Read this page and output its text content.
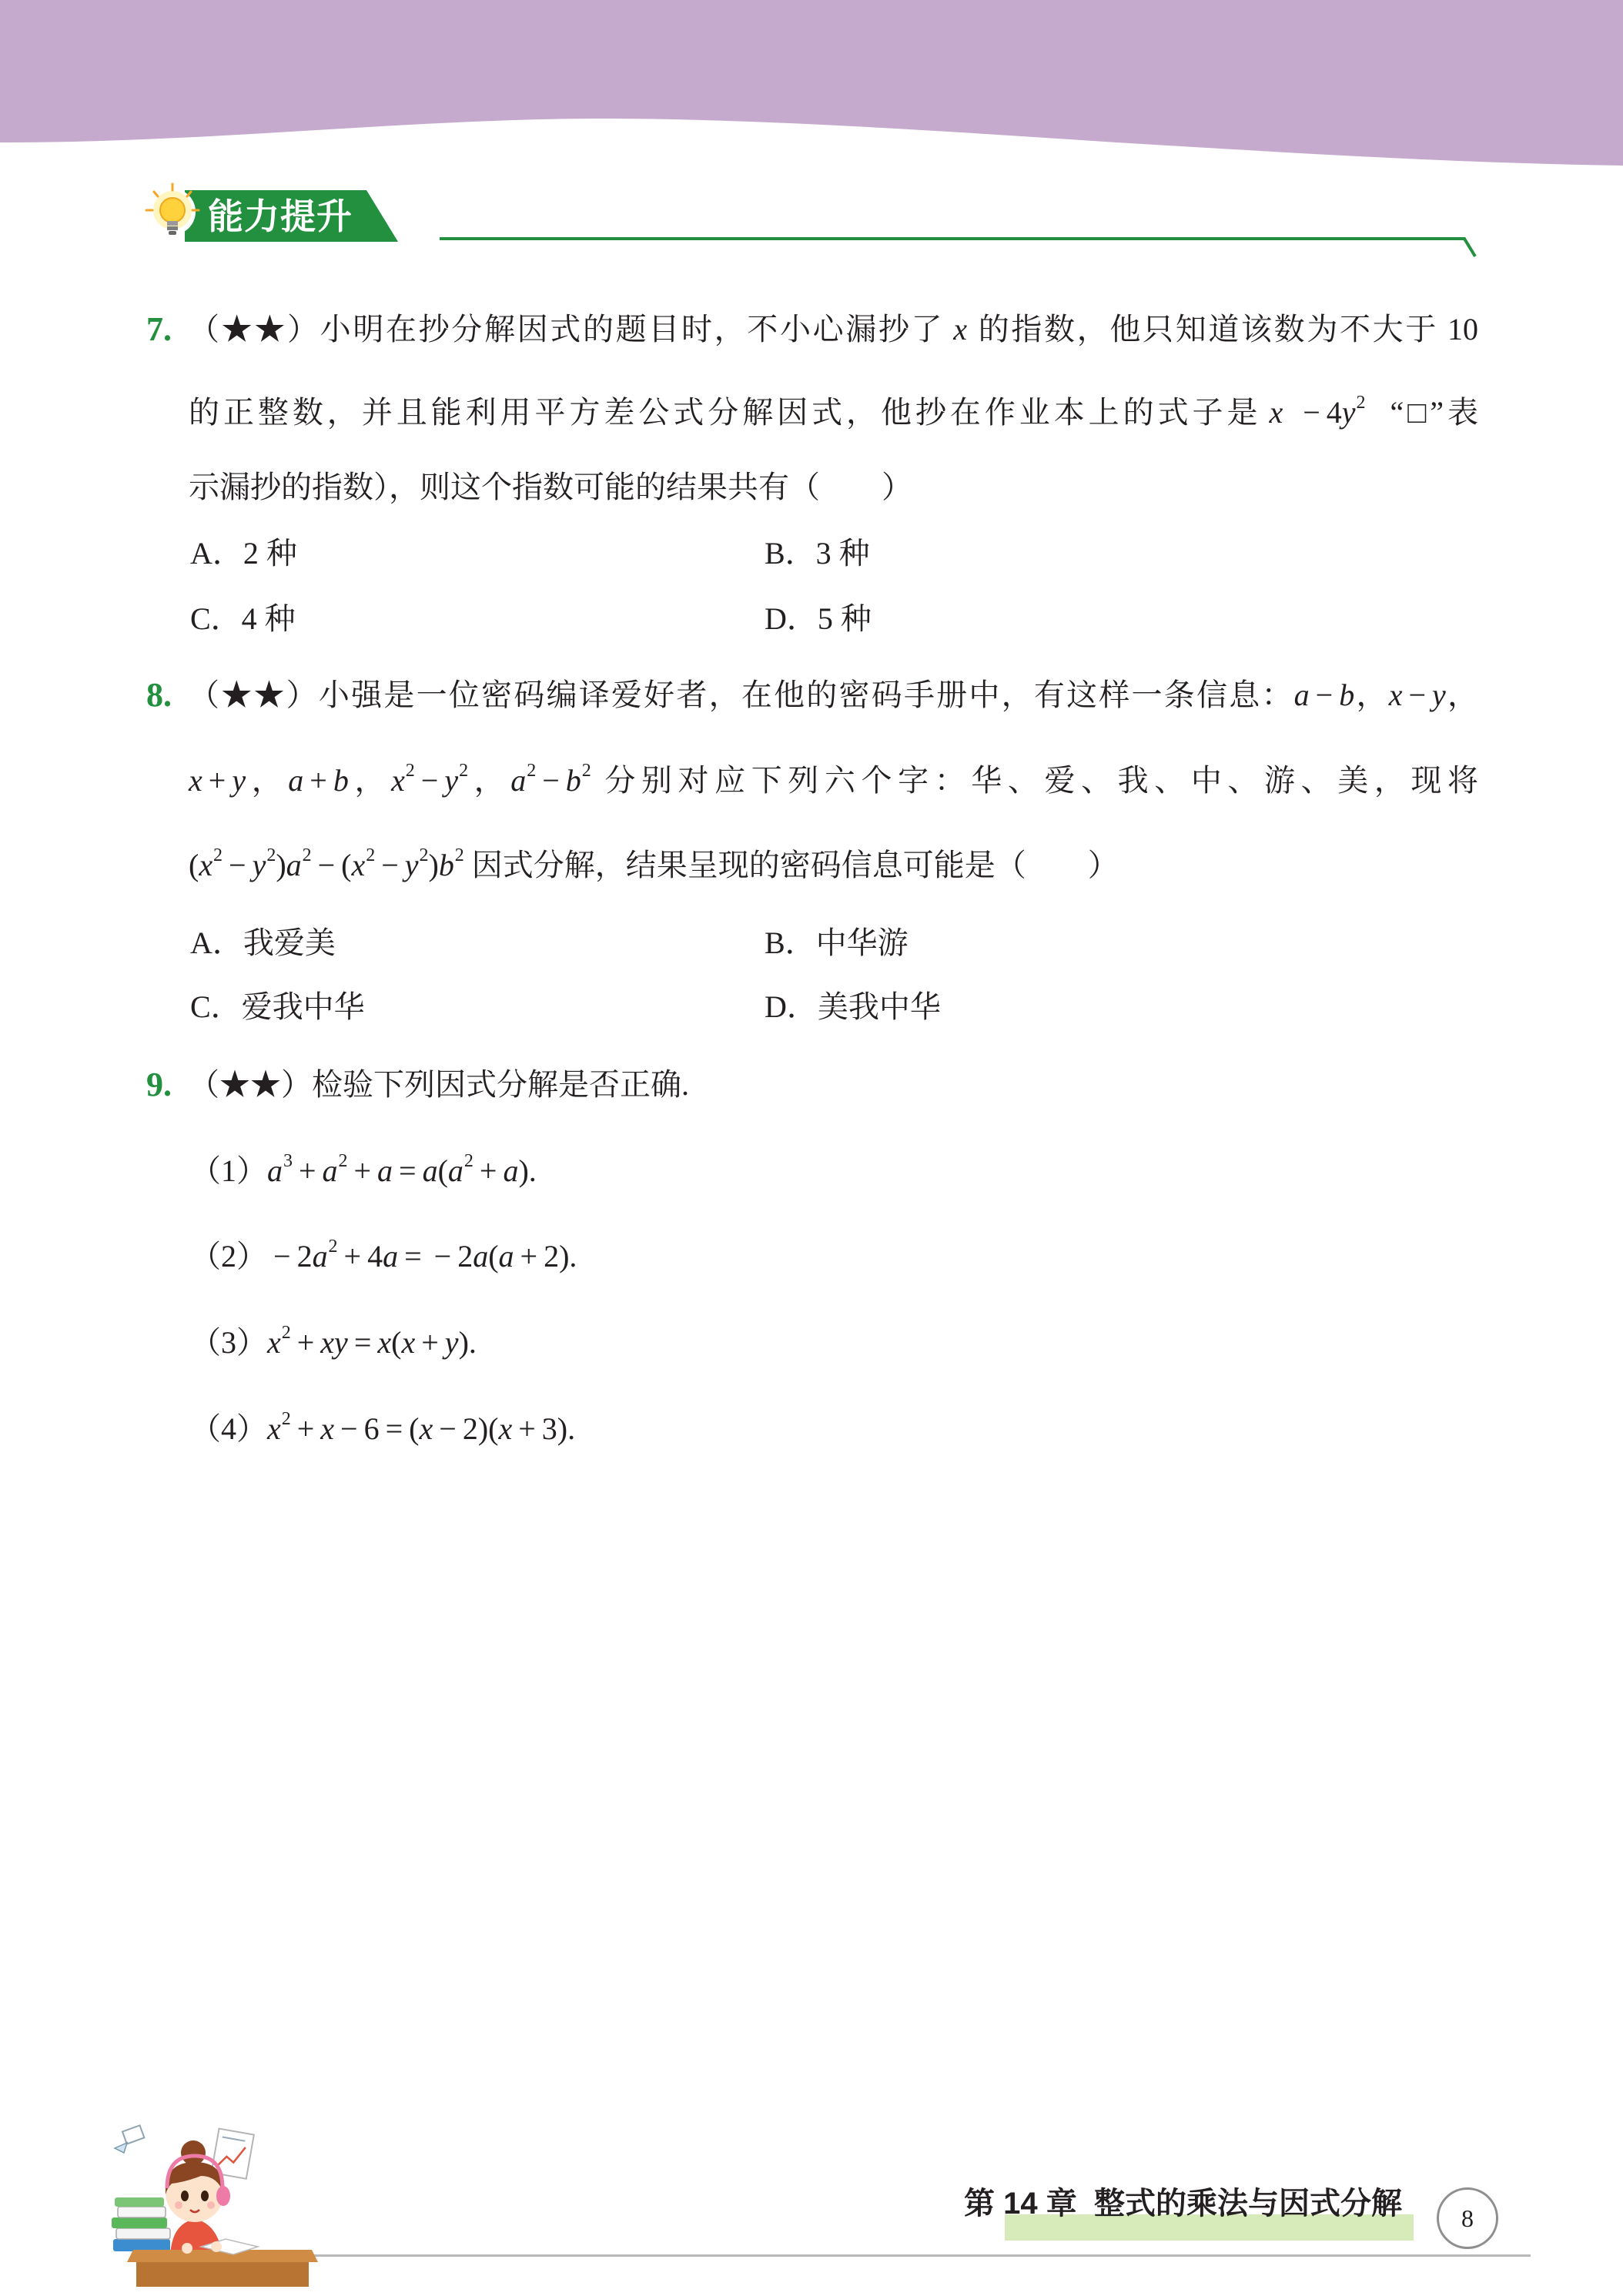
能力提升
7. （★★）小明在抄分解因式的题目时，不小心漏抄了 x 的指数，他只知道该数为不大于 10
的正整数，并且能利用平方差公式分解因式，他抄在作业本上的式子是 $x - 4y^2$ “□”表
示漏抄的指数），则这个指数可能的结果共有（　　）
A．2 种	B．3 种
C．4 种	D．5 种
8. （★★）小强是一位密码编译爱好者，在他的密码手册中，有这样一条信息：a − b，x − y，
x + y，a + b，$x^2 - y^2$，$a^2 - b^2$ 分别对应下列六个字：华、爱、我、中、游、美，现将
$(x^2 - y^2)a^2 - (x^2 - y^2)b^2$ 因式分解，结果呈现的密码信息可能是（　　）
A．我爱美	B．中华游
C．爱我中华	D．美我中华
9. （★★）检验下列因式分解是否正确.
$(1)a^3 + a^2 + a = a(a^2 + a)$.
$(2) - 2a^2 + 4a$ = − 2a(a + 2).
$(3)x^2$ + xy = x(x + y).
$(4)x^2 + x - 6 = (x - 2)(x + 3)$.
第 14 章  整式的乘法与因式分解	8
